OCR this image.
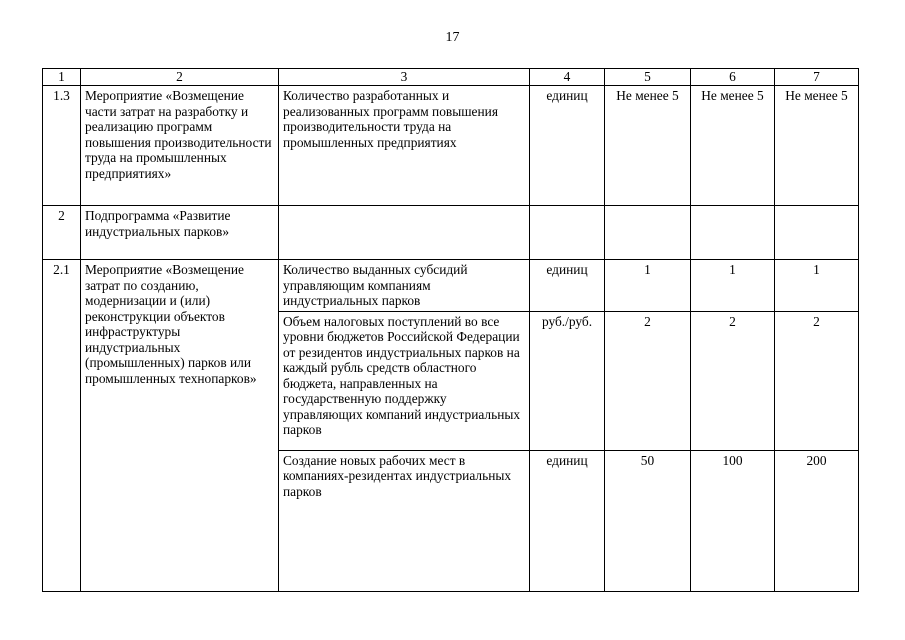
17
1	2	3	4	5	6	7
1.3	Мероприятие «Возмещение части затрат на разработку и реализацию программ повышения производительности труда на промышленных предприятиях»	Количество разработанных и реализованных программ повышения производительности труда на промышленных предприятиях	единиц	Не менее 5	Не менее 5	Не менее 5
2	Подпрограмма «Развитие индустриальных парков»					
2.1	Мероприятие «Возмещение затрат по созданию, модернизации и (или) реконструкции объектов инфраструктуры индустриальных (промышленных) парков или промышленных технопарков»	Количество выданных субсидий управляющим компаниям индустриальных парков	единиц	1	1	1
		Объем налоговых поступлений во все уровни бюджетов Российской Федерации от резидентов индустриальных парков на каждый рубль средств областного бюджета, направленных на государственную поддержку управляющих компаний индустриальных парков	руб./руб.	2	2	2
		Создание новых рабочих мест в компаниях-резидентах индустриальных парков	единиц	50	100	200
